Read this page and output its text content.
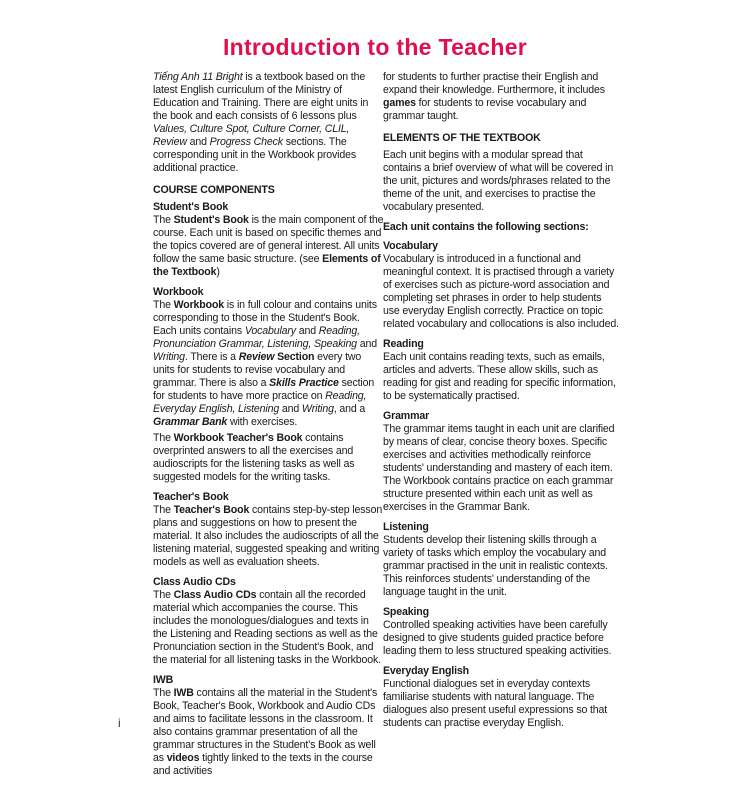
Introduction to the Teacher

Tiếng Anh 11 Bright is a textbook based on the latest English curriculum of the Ministry of Education and Training. There are eight units in the book and each consists of 6 lessons plus Values, Culture Spot, Culture Corner, CLIL, Review and Progress Check sections. The corresponding unit in the Workbook provides additional practice.

COURSE COMPONENTS
Student's Book

The Student's Book is the main component of the course. Each unit is based on specific themes and the topics covered are of general interest. All units follow the same basic structure. (see Elements of the Textbook)

Workbook

The Workbook is in full colour and contains units corresponding to those in the Student's Book. Each units contains Vocabulary and Reading, Pronunciation Grammar, Listening, Speaking and Writing. There is a Review Section every two units for students to revise vocabulary and grammar. There is also a Skills Practice section for students to have more practice on Reading, Everyday English, Listening and Writing, and a Grammar Bank with exercises.

The Workbook Teacher's Book contains overprinted answers to all the exercises and audioscripts for the listening tasks as well as suggested models for the writing tasks.

Teacher's Book

The Teacher's Book contains step-by-step lesson plans and suggestions on how to present the material. It also includes the audioscripts of all the listening material, suggested speaking and writing models as well as evaluation sheets.

Class Audio CDs

The Class Audio CDs contain all the recorded material which accompanies the course. This includes the monologues/dialogues and texts in the Listening and Reading sections as well as the Pronunciation section in the Student's Book, and the material for all listening tasks in the Workbook.

IWB

The IWB contains all the material in the Student's Book, Teacher's Book, Workbook and Audio CDs and aims to facilitate lessons in the classroom. It also contains grammar presentation of all the grammar structures in the Student's Book as well as videos tightly linked to the texts in the course and activities

for students to further practise their English and expand their knowledge. Furthermore, it includes games for students to revise vocabulary and grammar taught.

ELEMENTS OF THE TEXTBOOK

Each unit begins with a modular spread that contains a brief overview of what will be covered in the unit, pictures and words/phrases related to the theme of the unit, and exercises to practise the vocabulary presented.

Each unit contains the following sections:
Vocabulary

Vocabulary is introduced in a functional and meaningful context. It is practised through a variety of exercises such as picture-word association and completing set phrases in order to help students use everyday English correctly. Practice on topic related vocabulary and collocations is also included.

Reading

Each unit contains reading texts, such as emails, articles and adverts. These allow skills, such as reading for gist and reading for specific information, to be systematically practised.

Grammar

The grammar items taught in each unit are clarified by means of clear, concise theory boxes. Specific exercises and activities methodically reinforce students' understanding and mastery of each item. The Workbook contains practice on each grammar structure presented within each unit as well as exercises in the Grammar Bank.

Listening

Students develop their listening skills through a variety of tasks which employ the vocabulary and grammar practised in the unit in realistic contexts. This reinforces students' understanding of the language taught in the unit.

Speaking

Controlled speaking activities have been carefully designed to give students guided practice before leading them to less structured speaking activities.

Everyday English

Functional dialogues set in everyday contexts familiarise students with natural language. The dialogues also present useful expressions so that students can practise everyday English.

i
